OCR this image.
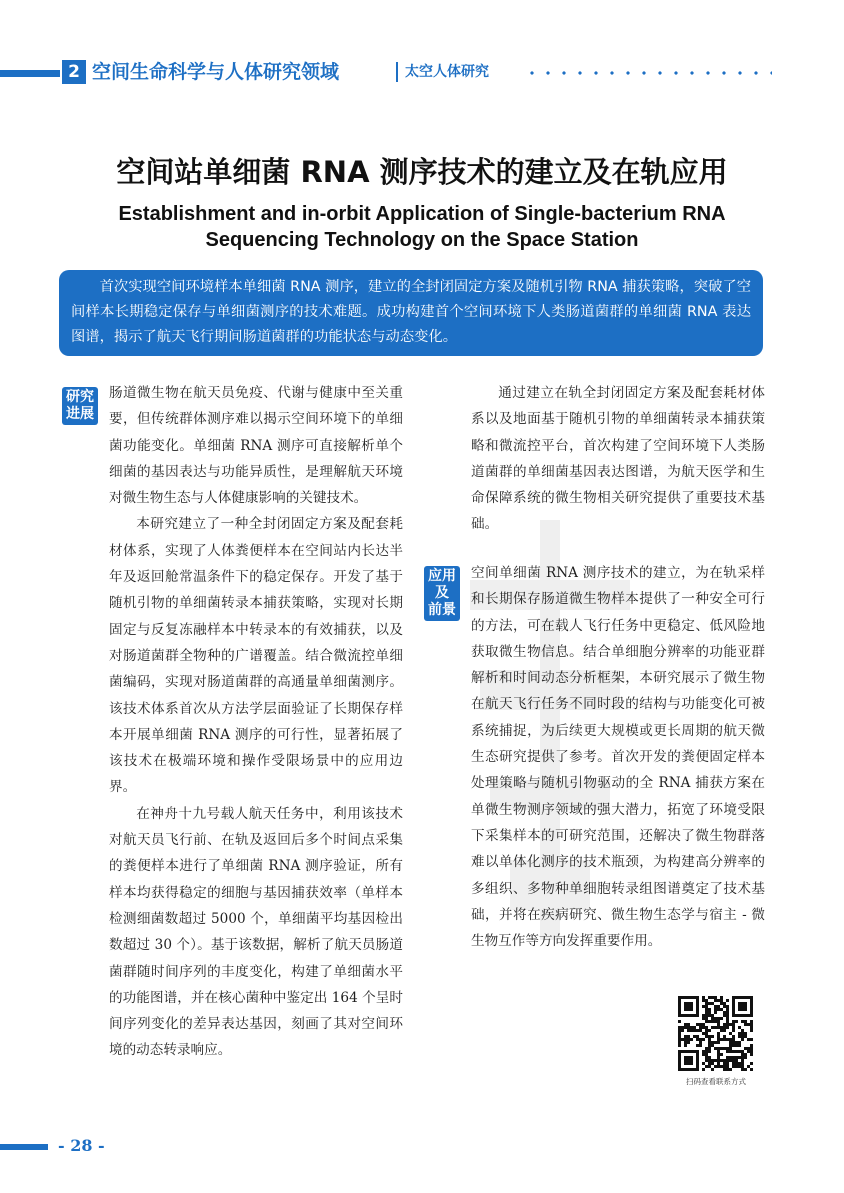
2 空间生命科学与人体研究领域	太空人体研究
空间站单细菌 RNA 测序技术的建立及在轨应用
Establishment and in-orbit Application of Single-bacterium RNA Sequencing Technology on the Space Station

首次实现空间环境样本单细菌 RNA 测序，建立的全封闭固定方案及随机引物 RNA 捕获策略，突破了空间样本长期稳定保存与单细菌测序的技术难题。成功构建首个空间环境下人类肠道菌群的单细菌 RNA 表达图谱，揭示了航天飞行期间肠道菌群的功能状态与动态变化。

研究
进展

肠道微生物在航天员免疫、代谢与健康中至关重要，但传统群体测序难以揭示空间环境下的单细菌功能变化。单细菌 RNA 测序可直接解析单个细菌的基因表达与功能异质性，是理解航天环境对微生物生态与人体健康影响的关键技术。

本研究建立了一种全封闭固定方案及配套耗材体系，实现了人体粪便样本在空间站内长达半年及返回舱常温条件下的稳定保存。开发了基于随机引物的单细菌转录本捕获策略，实现对长期固定与反复冻融样本中转录本的有效捕获，以及对肠道菌群全物种的广谱覆盖。结合微流控单细菌编码，实现对肠道菌群的高通量单细菌测序。该技术体系首次从方法学层面验证了长期保存样本开展单细菌 RNA 测序的可行性，显著拓展了该技术在极端环境和操作受限场景中的应用边界。

在神舟十九号载人航天任务中，利用该技术对航天员飞行前、在轨及返回后多个时间点采集的粪便样本进行了单细菌 RNA 测序验证，所有样本均获得稳定的细胞与基因捕获效率（单样本检测细菌数超过 5000 个，单细菌平均基因检出数超过 30 个）。基于该数据，解析了航天员肠道菌群随时间序列的丰度变化，构建了单细菌水平的功能图谱，并在核心菌种中鉴定出 164 个呈时间序列变化的差异表达基因，刻画了其对空间环境的动态转录响应。

通过建立在轨全封闭固定方案及配套耗材体系以及地面基于随机引物的单细菌转录本捕获策略和微流控平台，首次构建了空间环境下人类肠道菌群的单细菌基因表达图谱，为航天医学和生命保障系统的微生物相关研究提供了重要技术基础。

应用
及
前景

空间单细菌 RNA 测序技术的建立，为在轨采样和长期保存肠道微生物样本提供了一种安全可行的方法，可在载人飞行任务中更稳定、低风险地获取微生物信息。结合单细胞分辨率的功能亚群解析和时间动态分析框架，本研究展示了微生物在航天飞行任务不同时段的结构与功能变化可被系统捕捉，为后续更大规模或更长周期的航天微生态研究提供了参考。首次开发的粪便固定样本处理策略与随机引物驱动的全 RNA 捕获方案在单微生物测序领域的强大潜力，拓宽了环境受限下采集样本的可研究范围，还解决了微生物群落难以单体化测序的技术瓶颈，为构建高分辨率的多组织、多物种单细胞转录组图谱奠定了技术基础，并将在疾病研究、微生物生态学与宿主 - 微生物互作等方向发挥重要作用。

扫码查看联系方式
- 28 -
